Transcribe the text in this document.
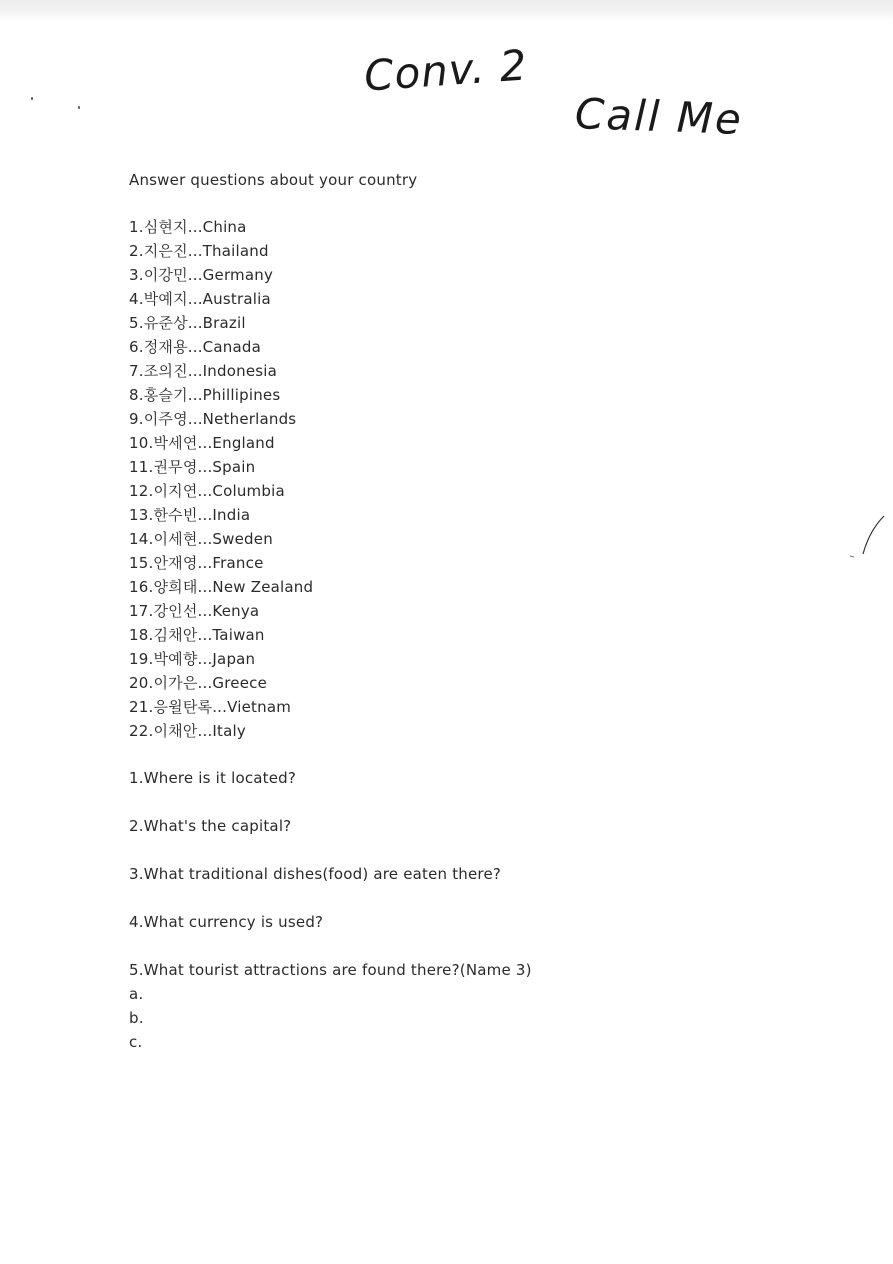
Conv. 2
Call Me
Answer questions about your country
1.심현지...China
2.지은진...Thailand
3.이강민...Germany
4.박예지...Australia
5.유준상...Brazil
6.정재용...Canada
7.조의진...Indonesia
8.홍슬기...Phillipines
9.이주영...Netherlands
10.박세연...England
11.권무영...Spain
12.이지연...Columbia
13.한수빈...India
14.이세현...Sweden
15.안재영...France
16.양희태...New Zealand
17.강인선...Kenya
18.김채안...Taiwan
19.박예향...Japan
20.이가은...Greece
21.응윌탄록...Vietnam
22.이채안...Italy
1.Where is it located?
2.What's the capital?
3.What traditional dishes(food) are eaten there?
4.What currency is used?
5.What tourist attractions are found there?(Name 3)
a.
b.
c.
